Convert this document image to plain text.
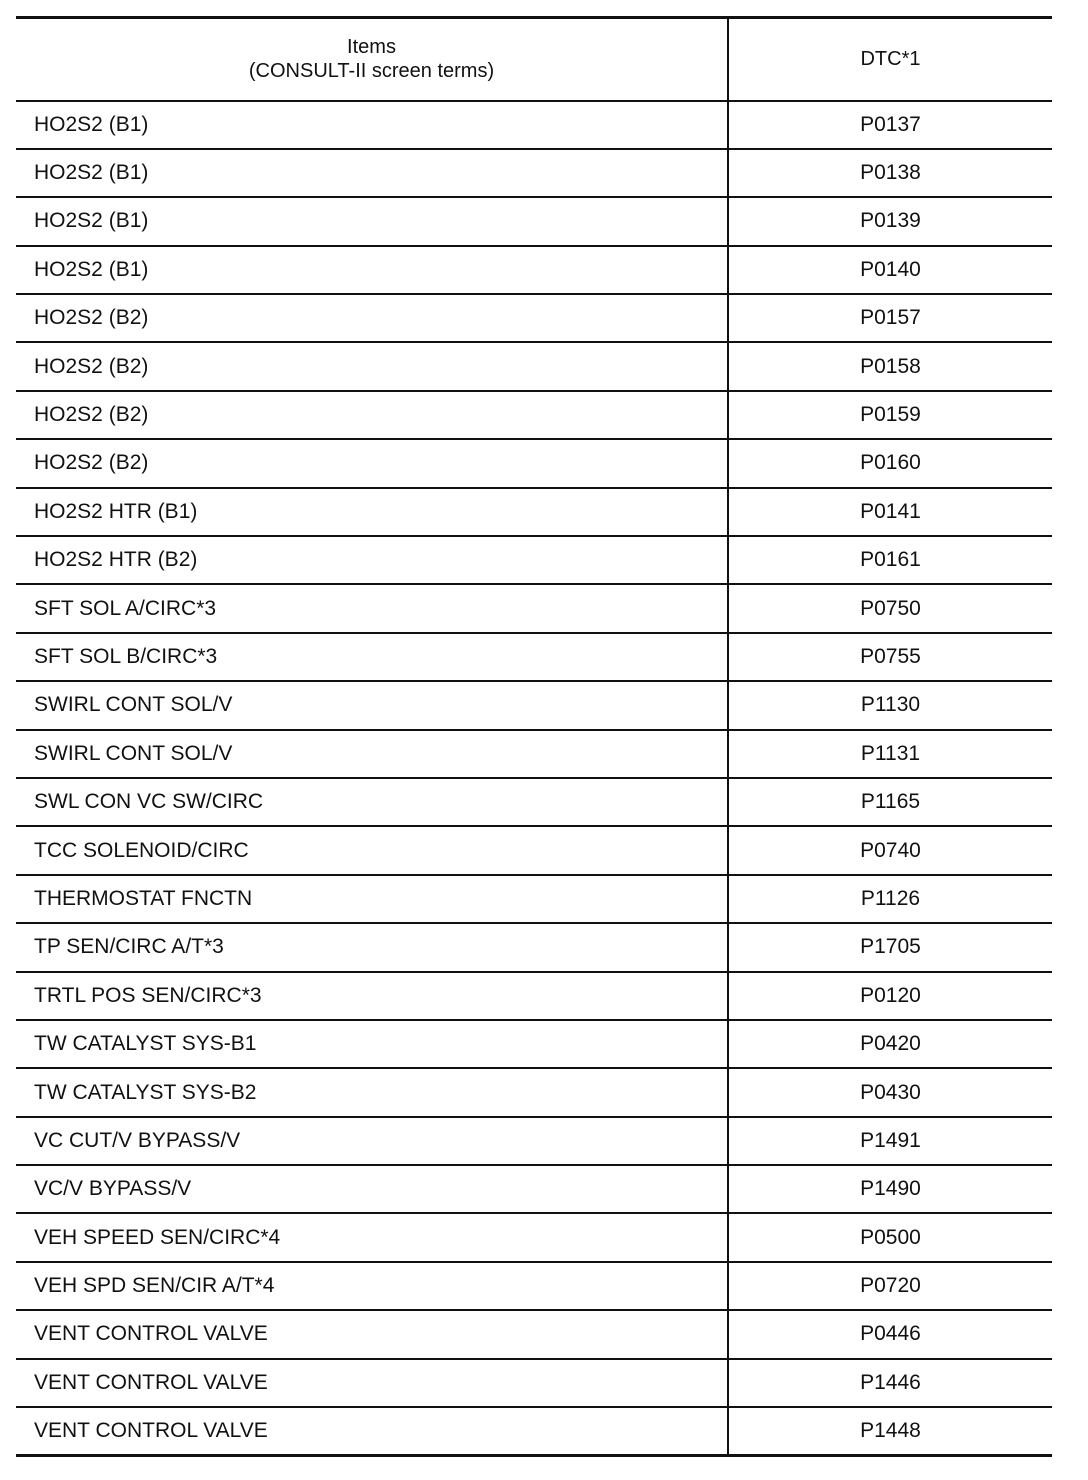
Items
(CONSULT-II screen terms)	DTC*1
HO2S2 (B1)	P0137
HO2S2 (B1)	P0138
HO2S2 (B1)	P0139
HO2S2 (B1)	P0140
HO2S2 (B2)	P0157
HO2S2 (B2)	P0158
HO2S2 (B2)	P0159
HO2S2 (B2)	P0160
HO2S2 HTR (B1)	P0141
HO2S2 HTR (B2)	P0161
SFT SOL A/CIRC*3	P0750
SFT SOL B/CIRC*3	P0755
SWIRL CONT SOL/V	P1130
SWIRL CONT SOL/V	P1131
SWL CON VC SW/CIRC	P1165
TCC SOLENOID/CIRC	P0740
THERMOSTAT FNCTN	P1126
TP SEN/CIRC A/T*3	P1705
TRTL POS SEN/CIRC*3	P0120
TW CATALYST SYS-B1	P0420
TW CATALYST SYS-B2	P0430
VC CUT/V BYPASS/V	P1491
VC/V BYPASS/V	P1490
VEH SPEED SEN/CIRC*4	P0500
VEH SPD SEN/CIR A/T*4	P0720
VENT CONTROL VALVE	P0446
VENT CONTROL VALVE	P1446
VENT CONTROL VALVE	P1448
